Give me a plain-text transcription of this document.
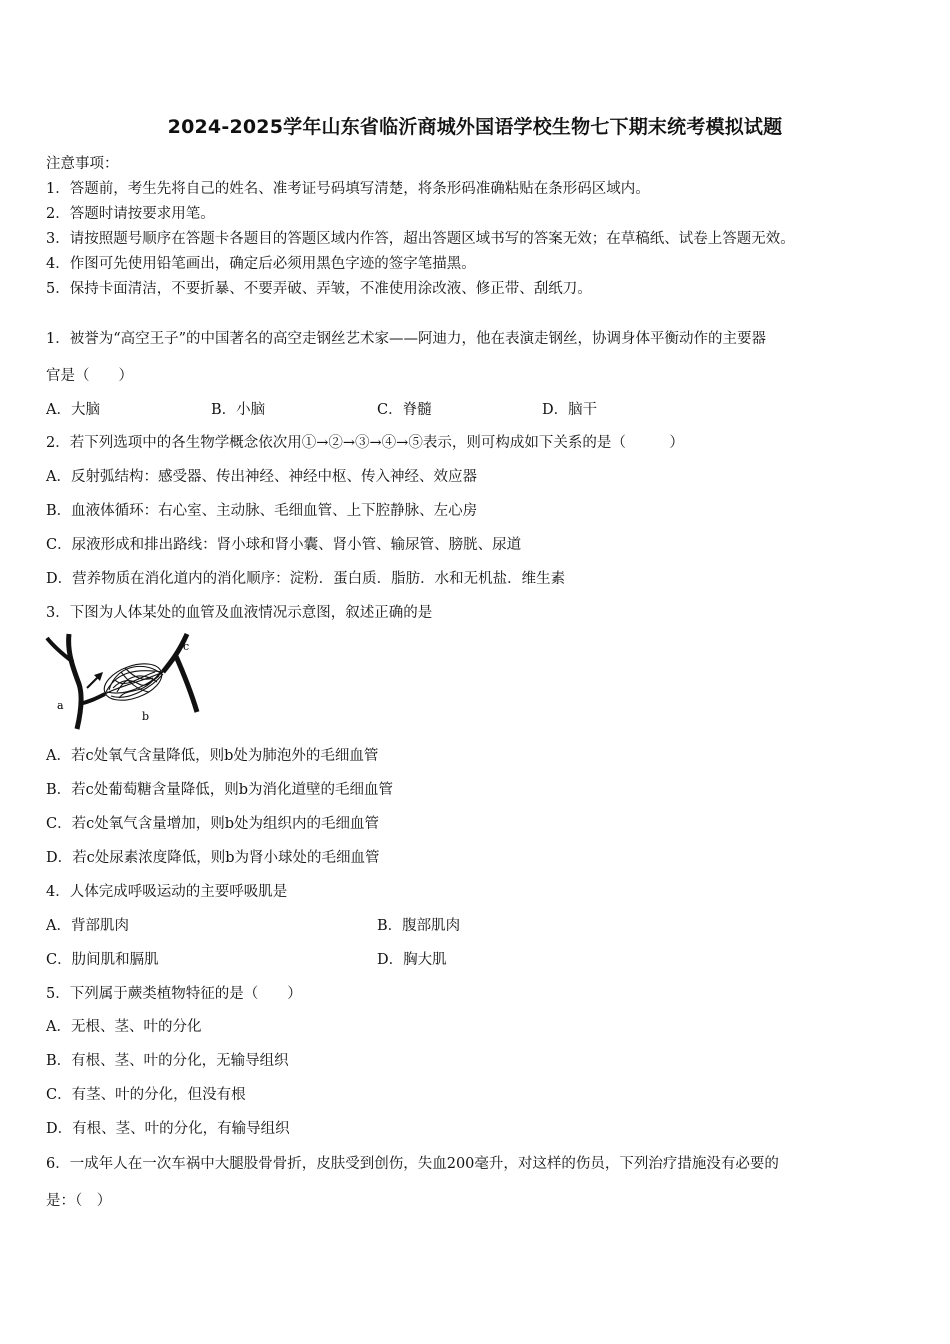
2024-2025学年山东省临沂商城外国语学校生物七下期末统考模拟试题
注意事项：
1．答题前，考生先将自己的姓名、准考证号码填写清楚，将条形码准确粘贴在条形码区域内。
2．答题时请按要求用笔。
3．请按照题号顺序在答题卡各题目的答题区域内作答，超出答题区域书写的答案无效；在草稿纸、试卷上答题无效。
4．作图可先使用铅笔画出，确定后必须用黑色字迹的签字笔描黑。
5．保持卡面清洁，不要折暴、不要弄破、弄皱，不准使用涂改液、修正带、刮纸刀。
1．被誉为“高空王子”的中国著名的高空走钢丝艺术家——阿迪力，他在表演走钢丝，协调身体平衡动作的主要器
官是（　　）
A．大脑	B．小脑	C．脊髓	D．脑干
2．若下列选项中的各生物学概念依次用①→②→③→④→⑤表示，则可构成如下关系的是（　　　）
A．反射弧结构：感受器、传出神经、神经中枢、传入神经、效应器
B．血液体循环：右心室、主动脉、毛细血管、上下腔静脉、左心房
C．尿液形成和排出路线：肾小球和肾小囊、肾小管、输尿管、膀胱、尿道
D．营养物质在消化道内的消化顺序：淀粉．蛋白质．脂肪．水和无机盐．维生素
3．下图为人体某处的血管及血液情况示意图，叙述正确的是
a
b
c
A．若c处氧气含量降低，则b处为肺泡外的毛细血管
B．若c处葡萄糖含量降低，则b为消化道壁的毛细血管
C．若c处氧气含量增加，则b处为组织内的毛细血管
D．若c处尿素浓度降低，则b为肾小球处的毛细血管
4．人体完成呼吸运动的主要呼吸肌是
A．背部肌肉	B．腹部肌肉
C．肋间肌和膈肌	D．胸大肌
5．下列属于蕨类植物特征的是（　　）
A．无根、茎、叶的分化
B．有根、茎、叶的分化，无输导组织
C．有茎、叶的分化，但没有根
D．有根、茎、叶的分化，有输导组织
6．一成年人在一次车祸中大腿股骨骨折，皮肤受到创伤，失血200毫升，对这样的伤员，下列治疗措施没有必要的
是：（　）
